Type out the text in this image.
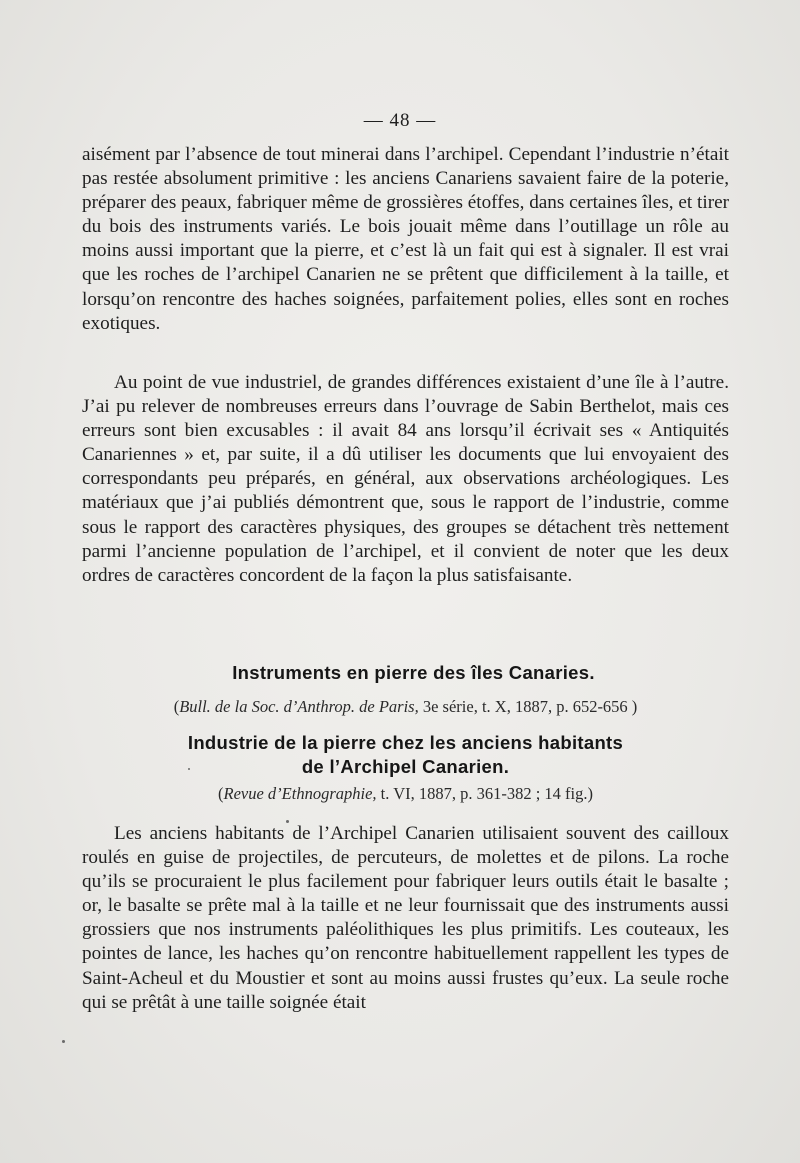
— 48 —

aisément par l’absence de tout minerai dans l’archipel. Cependant l’industrie n’était pas restée absolument primitive : les anciens Canariens savaient faire de la poterie, préparer des peaux, fabriquer même de grossières étoffes, dans certaines îles, et tirer du bois des instruments variés. Le bois jouait même dans l’outillage un rôle au moins aussi important que la pierre, et c’est là un fait qui est à signaler. Il est vrai que les roches de l’archipel Canarien ne se prêtent que difficilement à la taille, et lorsqu’on rencontre des haches soignées, parfaitement polies, elles sont en roches exotiques.

Au point de vue industriel, de grandes différences existaient d’une île à l’autre. J’ai pu relever de nombreuses erreurs dans l’ouvrage de Sabin Berthelot, mais ces erreurs sont bien excusables : il avait 84 ans lorsqu’il écrivait ses « Antiquités Canariennes » et, par suite, il a dû utiliser les documents que lui envoyaient des correspondants peu préparés, en général, aux observations archéologiques. Les matériaux que j’ai publiés démontrent que, sous le rapport de l’industrie, comme sous le rapport des caractères physiques, des groupes se détachent très nettement parmi l’ancienne population de l’archipel, et il convient de noter que les deux ordres de caractères concordent de la façon la plus satisfaisante.

Instruments en pierre des îles Canaries.
(Bull. de la Soc. d’Anthrop. de Paris, 3e série, t. X, 1887, p. 652-656 )
Industrie de la pierre chez les anciens habitants
de l’Archipel Canarien.
(Revue d’Ethnographie, t. VI, 1887, p. 361-382 ; 14 fig.)

Les anciens habitants de l’Archipel Canarien utilisaient souvent des cailloux roulés en guise de projectiles, de percuteurs, de molettes et de pilons. La roche qu’ils se procuraient le plus facilement pour fabriquer leurs outils était le basalte ; or, le basalte se prête mal à la taille et ne leur fournissait que des instruments aussi grossiers que nos instruments paléolithiques les plus primitifs. Les couteaux, les pointes de lance, les haches qu’on rencontre habituellement rappellent les types de Saint-Acheul et du Moustier et sont au moins aussi frustes qu’eux. La seule roche qui se prêtât à une taille soignée était
